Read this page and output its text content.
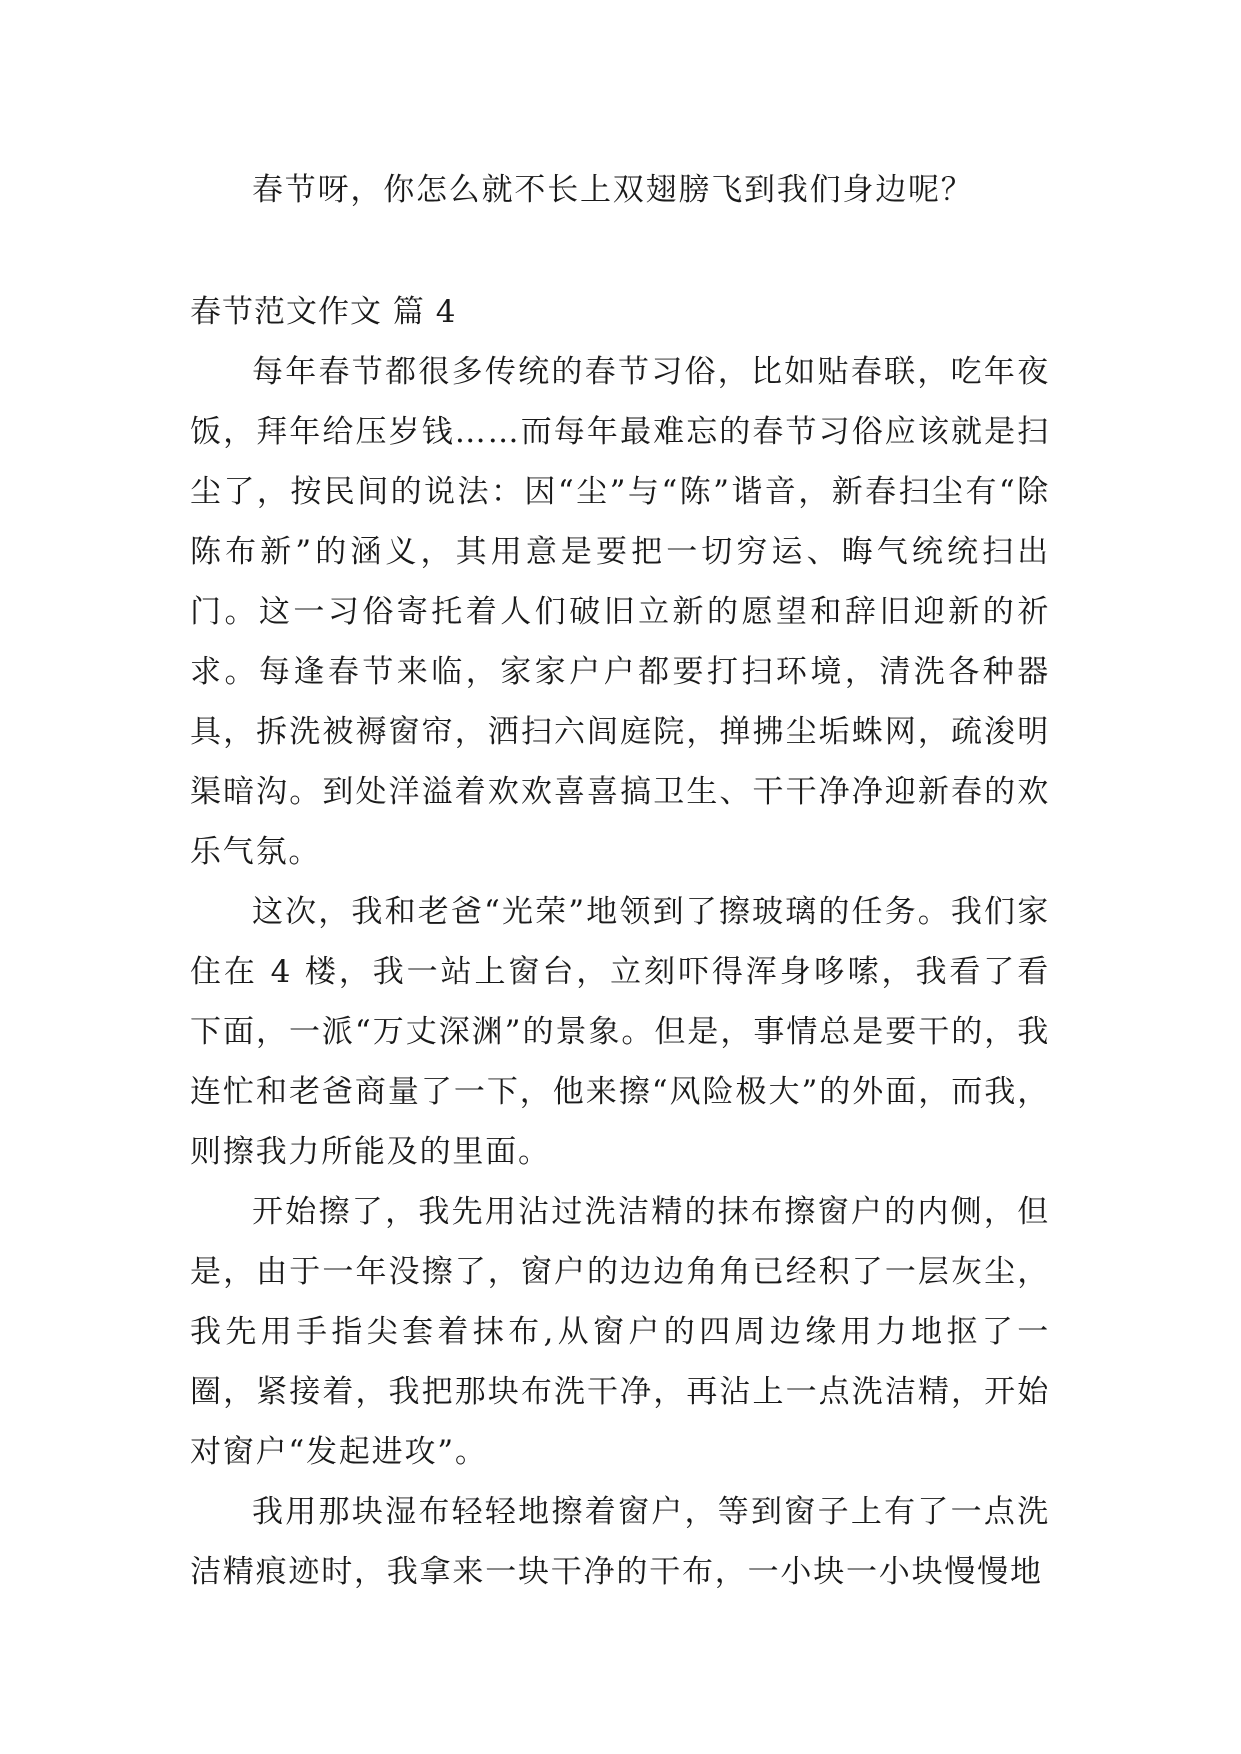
春节呀，你怎么就不长上双翅膀飞到我们身边呢？

春节范文作文 篇 4

每年春节都很多传统的春节习俗，比如贴春联，吃年夜饭，拜年给压岁钱……而每年最难忘的春节习俗应该就是扫尘了，按民间的说法：因“尘”与“陈”谐音，新春扫尘有“除陈布新”的涵义，其用意是要把一切穷运、晦气统统扫出门。这一习俗寄托着人们破旧立新的愿望和辞旧迎新的祈求。每逢春节来临，家家户户都要打扫环境，清洗各种器具，拆洗被褥窗帘，洒扫六闾庭院，掸拂尘垢蛛网，疏浚明渠暗沟。到处洋溢着欢欢喜喜搞卫生、干干净净迎新春的欢乐气氛。

这次，我和老爸“光荣”地领到了擦玻璃的任务。我们家住在 4 楼，我一站上窗台，立刻吓得浑身哆嗦，我看了看下面，一派“万丈深渊”的景象。但是，事情总是要干的，我连忙和老爸商量了一下，他来擦“风险极大”的外面，而我，则擦我力所能及的里面。

开始擦了，我先用沾过洗洁精的抹布擦窗户的内侧，但是，由于一年没擦了，窗户的边边角角已经积了一层灰尘，我先用手指尖套着抹布,从窗户的四周边缘用力地抠了一圈，紧接着，我把那块布洗干净，再沾上一点洗洁精，开始对窗户“发起进攻”。

我用那块湿布轻轻地擦着窗户，等到窗子上有了一点洗洁精痕迹时，我拿来一块干净的干布，一小块一小块慢慢地
